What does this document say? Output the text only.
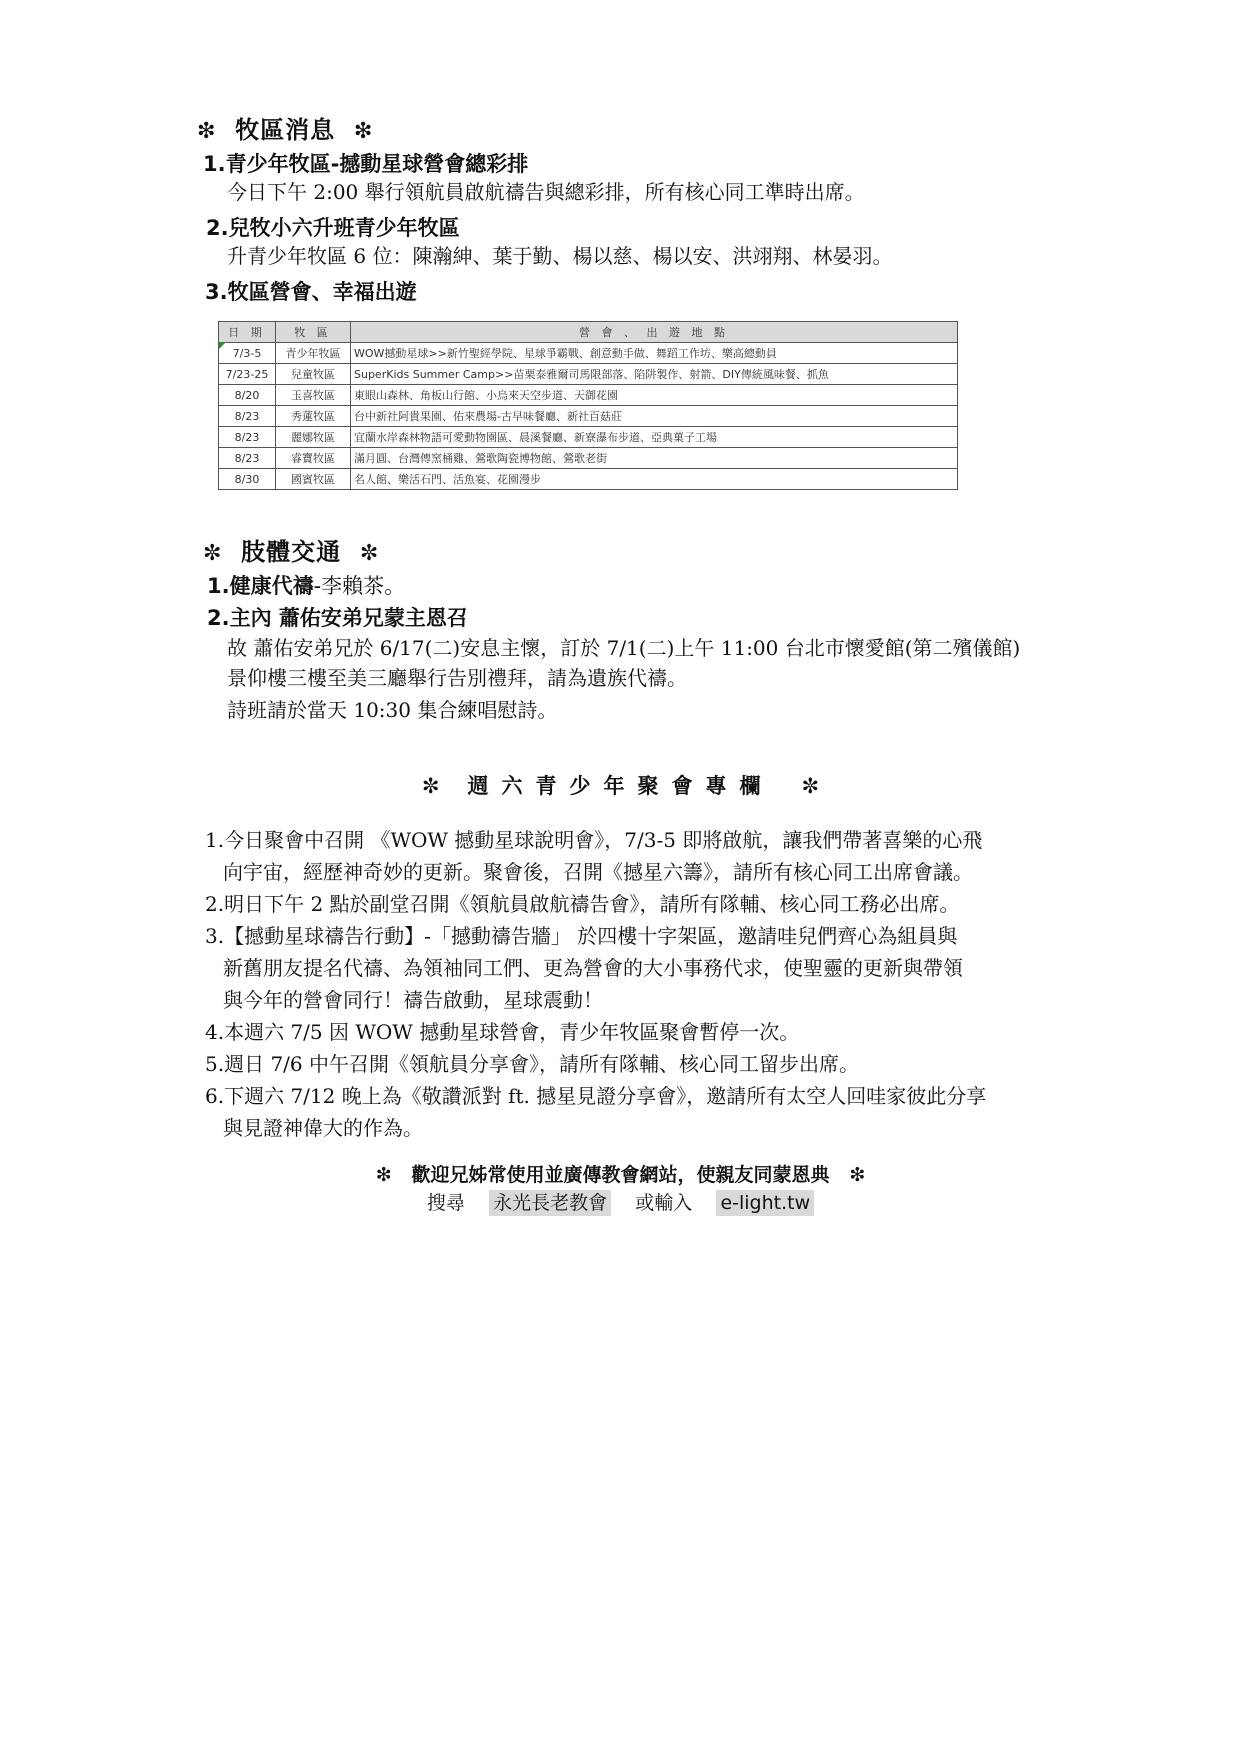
❇ 牧區消息 ❇
1.青少年牧區-撼動星球營會總彩排
今日下午 2:00 舉行領航員啟航禱告與總彩排，所有核心同工準時出席。
2.兒牧小六升班青少年牧區
升青少年牧區 6 位：陳瀚紳、葉于勤、楊以慈、楊以安、洪翊翔、林晏羽。
3.牧區營會、幸福出遊
日 期	牧 區	營 會 、 出 遊 地 點
7/3-5	青少年牧區	WOW撼動星球>>新竹聖經學院、星球爭霸戰、創意動手做、舞蹈工作坊、樂高總動員
7/23-25	兒童牧區	SuperKids Summer Camp>>苗栗泰雅爾司馬限部落、陷阱製作、射箭、DIY傳統風味餐、抓魚
8/20	玉喜牧區	東眼山森林、角板山行館、小烏來天空步道、天御花園
8/23	秀蓮牧區	台中新社阿貴果園、佑來農場-古早味餐廳、新社百菇莊
8/23	麗娜牧區	宜蘭水岸森林物語可愛動物園區、晨溪餐廳、新寮瀑布步道、亞典菓子工場
8/23	睿寶牧區	滿月圓、台灣傳窯桶雞、鶯歌陶瓷博物館、鶯歌老街
8/30	國賓牧區	名人館、樂活石門、活魚宴、花園漫步
✼ 肢體交通 ✼
1.健康代禱-李賴茶。
2.主內 蕭佑安弟兄蒙主恩召
故 蕭佑安弟兄於 6/17(二)安息主懷，訂於 7/1(二)上午 11:00 台北市懷愛館(第二殯儀館)
景仰樓三樓至美三廳舉行告別禮拜，請為遺族代禱。
詩班請於當天 10:30 集合練唱慰詩。
✼ 週六青少年聚會專欄 ✼
1.今日聚會中召開 《WOW 撼動星球說明會》，7/3-5 即將啟航，讓我們帶著喜樂的心飛
向宇宙，經歷神奇妙的更新。聚會後，召開《撼星六籌》，請所有核心同工出席會議。
2.明日下午 2 點於副堂召開《領航員啟航禱告會》，請所有隊輔、核心同工務必出席。
3.【撼動星球禱告行動】-「撼動禱告牆」 於四樓十字架區，邀請哇兒們齊心為組員與
新舊朋友提名代禱、為領袖同工們、更為營會的大小事務代求，使聖靈的更新與帶領
與今年的營會同行！禱告啟動，星球震動！
4.本週六 7/5 因 WOW 撼動星球營會，青少年牧區聚會暫停一次。
5.週日 7/6 中午召開《領航員分享會》，請所有隊輔、核心同工留步出席。
6.下週六 7/12 晚上為《敬讚派對 ft. 撼星見證分享會》，邀請所有太空人回哇家彼此分享
與見證神偉大的作為。
❇ 歡迎兄姊常使用並廣傳教會網站，使親友同蒙恩典 ❇
搜尋 永光長老教會 或輸入 e-light.tw
